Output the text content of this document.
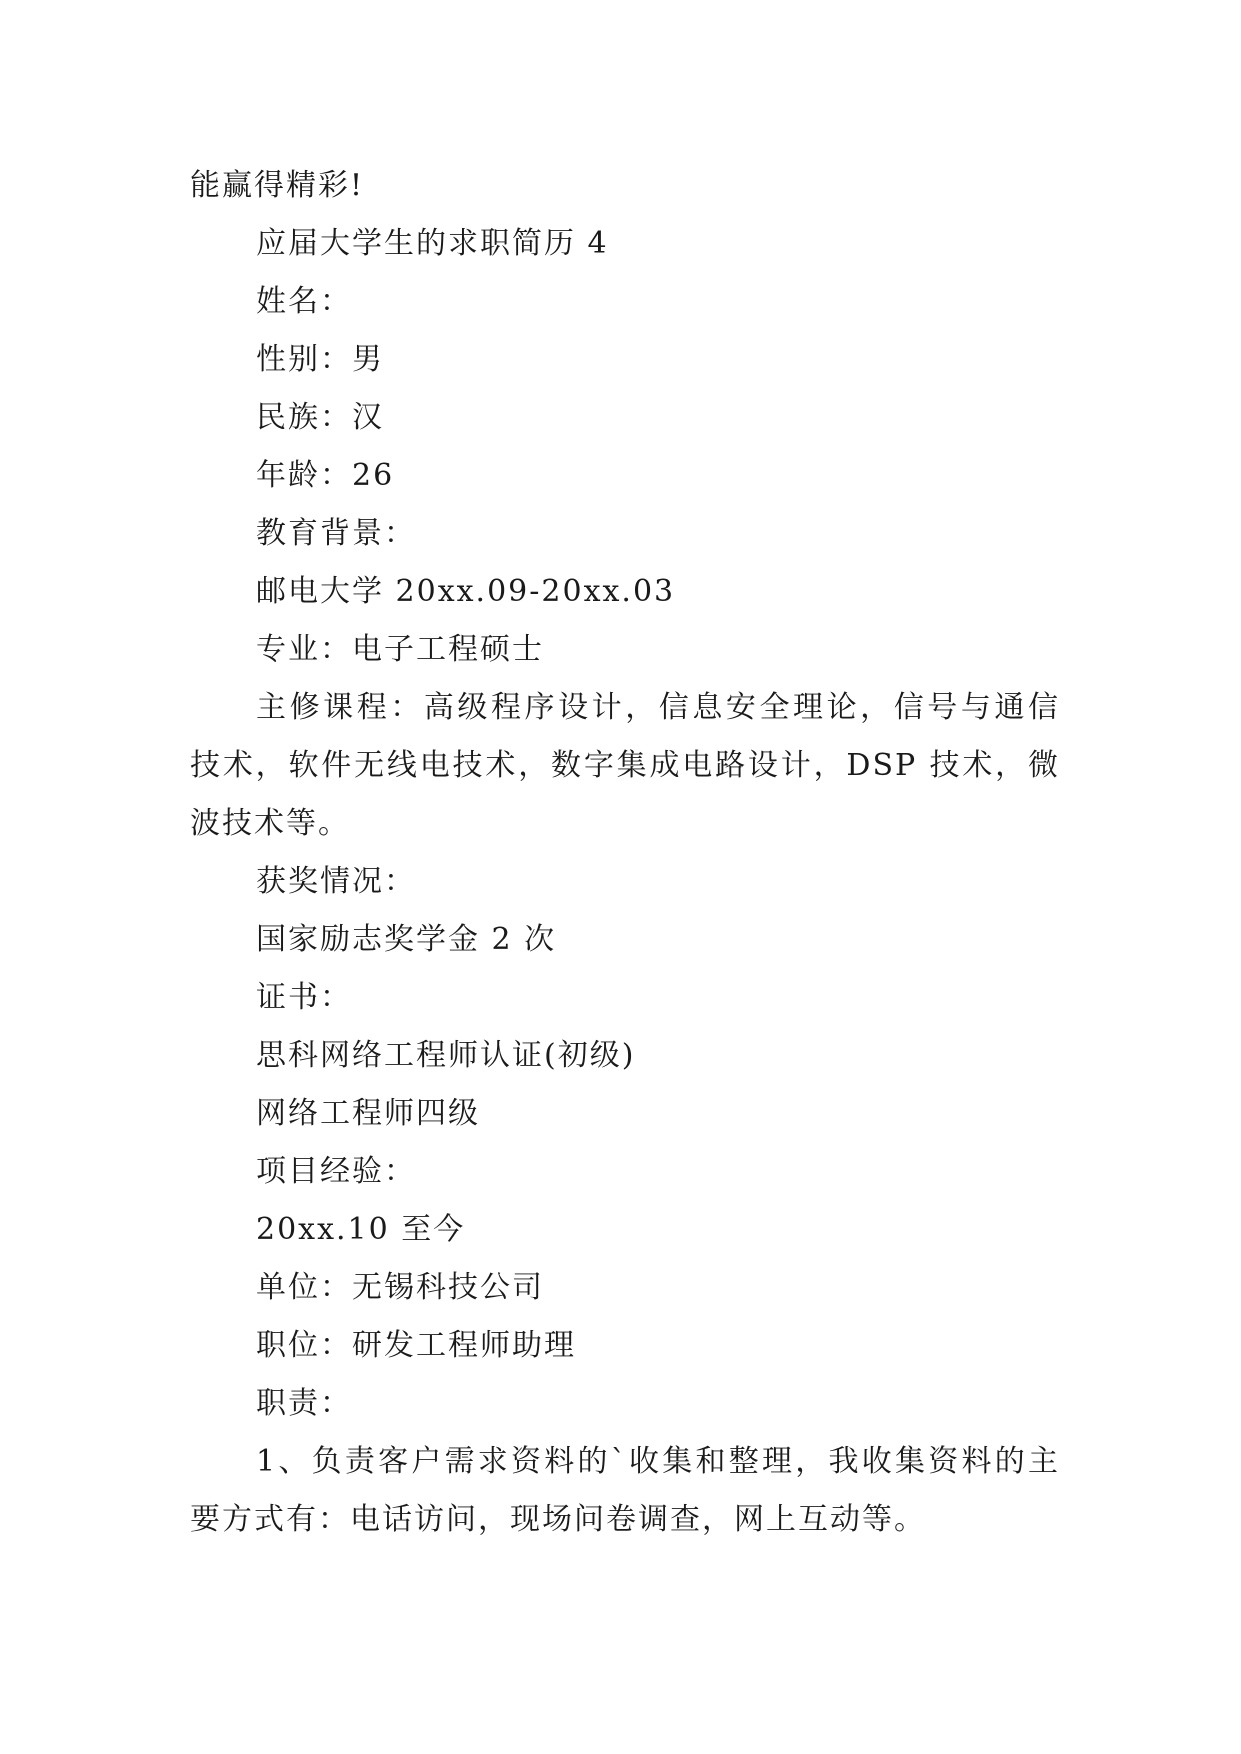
能赢得精彩!
应届大学生的求职简历 4
姓名：
性别：男
民族：汉
年龄：26
教育背景：
邮电大学 20xx.09-20xx.03
专业：电子工程硕士
主修课程：高级程序设计，信息安全理论，信号与通信
技术，软件无线电技术，数字集成电路设计，DSP 技术，微
波技术等。
获奖情况：
国家励志奖学金 2 次
证书：
思科网络工程师认证(初级)
网络工程师四级
项目经验：
20xx.10 至今
单位：无锡科技公司
职位：研发工程师助理
职责：
1、负责客户需求资料的`收集和整理，我收集资料的主
要方式有：电话访问，现场问卷调查，网上互动等。
